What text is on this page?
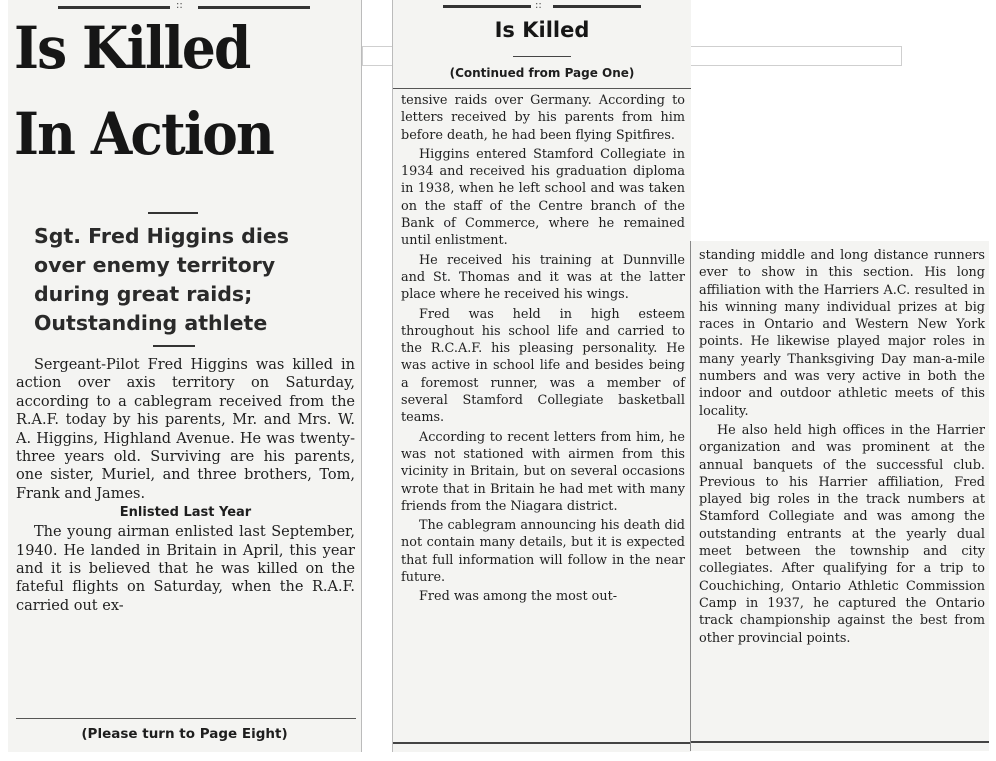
::
Is Killed
In Action
Sgt. Fred Higgins dies over enemy territory during great raids; Outstanding athlete

Sergeant-Pilot Fred Higgins was killed in action over axis territory on Saturday, according to a cablegram received from the R.A.F. today by his parents, Mr. and Mrs. W. A. Higgins, Highland Avenue. He was twenty-three years old. Surviving are his parents, one sister, Muriel, and three brothers, Tom, Frank and James.

Enlisted Last Year

The young airman enlisted last September, 1940. He landed in Britain in April, this year and it is believed that he was killed on the fateful flights on Saturday, when the R.A.F. carried out ex-

(Please turn to Page Eight)
::
Is Killed
(Continued from Page One)

tensive raids over Germany. According to letters received by his parents from him before death, he had been flying Spitfires.

Higgins entered Stamford Collegiate in 1934 and received his graduation diploma in 1938, when he left school and was taken on the staff of the Centre branch of the Bank of Commerce, where he remained until enlistment.

He received his training at Dunnville and St. Thomas and it was at the latter place where he received his wings.

Fred was held in high esteem throughout his school life and carried to the R.C.A.F. his pleasing personality. He was active in school life and besides being a foremost runner, was a member of several Stamford Collegiate basketball teams.

According to recent letters from him, he was not stationed with airmen from this vicinity in Britain, but on several occasions wrote that in Britain he had met with many friends from the Niagara district.

The cablegram announcing his death did not contain many details, but it is expected that full information will follow in the near future.

Fred was among the most out-

standing middle and long distance runners ever to show in this section. His long affiliation with the Harriers A.C. resulted in his winning many individual prizes at big races in Ontario and Western New York points. He likewise played major roles in many yearly Thanksgiving Day man-a-mile numbers and was very active in both the indoor and outdoor athletic meets of this locality.

He also held high offices in the Harrier organization and was prominent at the annual banquets of the successful club. Previous to his Harrier affiliation, Fred played big roles in the track numbers at Stamford Collegiate and was among the outstanding entrants at the yearly dual meet between the township and city collegiates. After qualifying for a trip to Couchiching, Ontario Athletic Commission Camp in 1937, he captured the Ontario track championship against the best from other provincial points.
